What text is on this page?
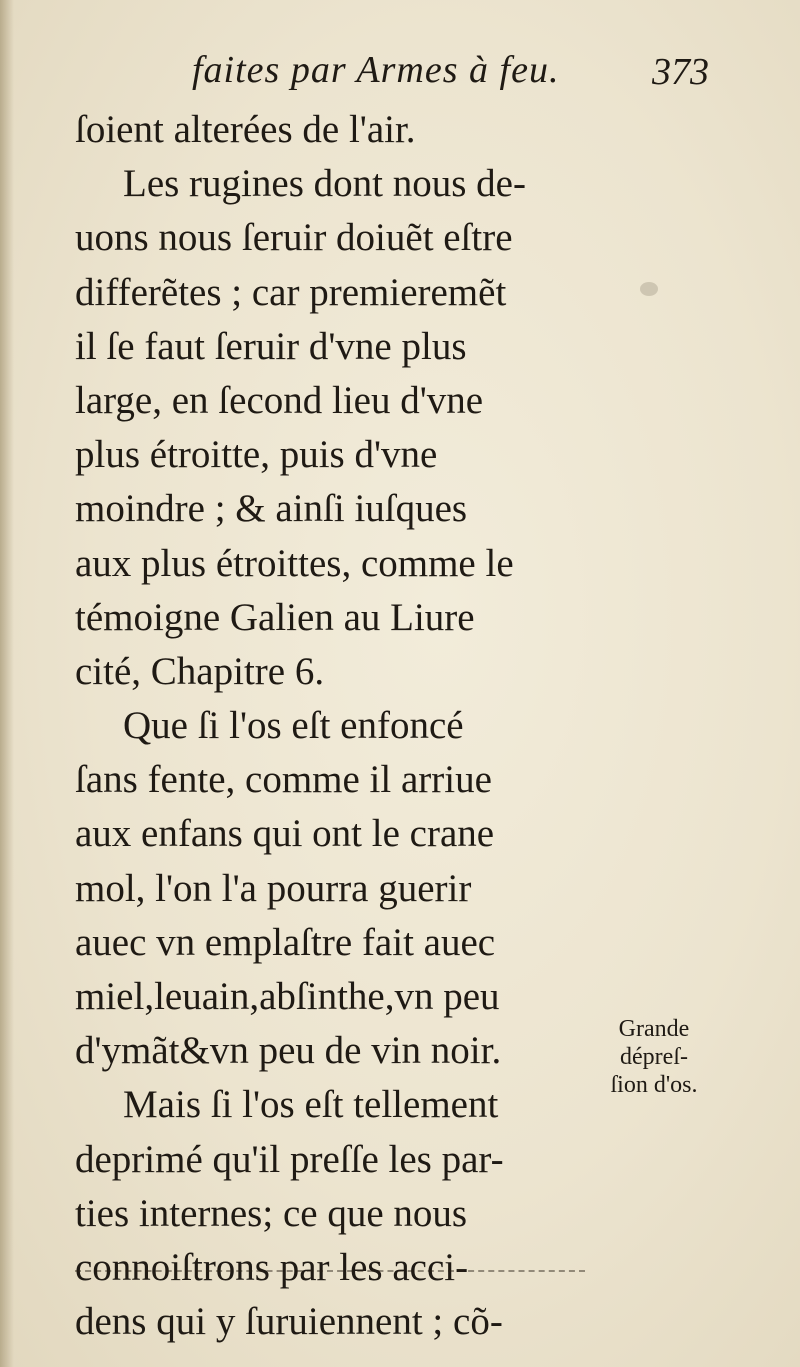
faites par Armes à feu. 373
ſoient alterées de l'air.
Les rugines dont nous de-
uons nous ſeruir doiuẽt eſtre
differẽtes ; car premieremẽt
il ſe faut ſeruir d'vne plus
large, en ſecond lieu d'vne
plus étroitte, puis d'vne
moindre ; & ainſi iuſques
aux plus étroittes, comme le
témoigne Galien au Liure
cité, Chapitre 6.
Que ſi l'os eſt enfoncé
ſans fente, comme il arriue
aux enfans qui ont le crane
mol, l'on l'a pourra guerir
auec vn emplaſtre fait auec
miel,leuain,abſinthe,vn peu
d'ymãt&vn peu de vin noir.
Mais ſi l'os eſt tellement
deprimé qu'il preſſe les par-
ties internes; ce que nous
connoiſtrons par les acci-
dens qui y ſuruiennent ; cõ-
Grande
dépreſ-
ſion d'os.
